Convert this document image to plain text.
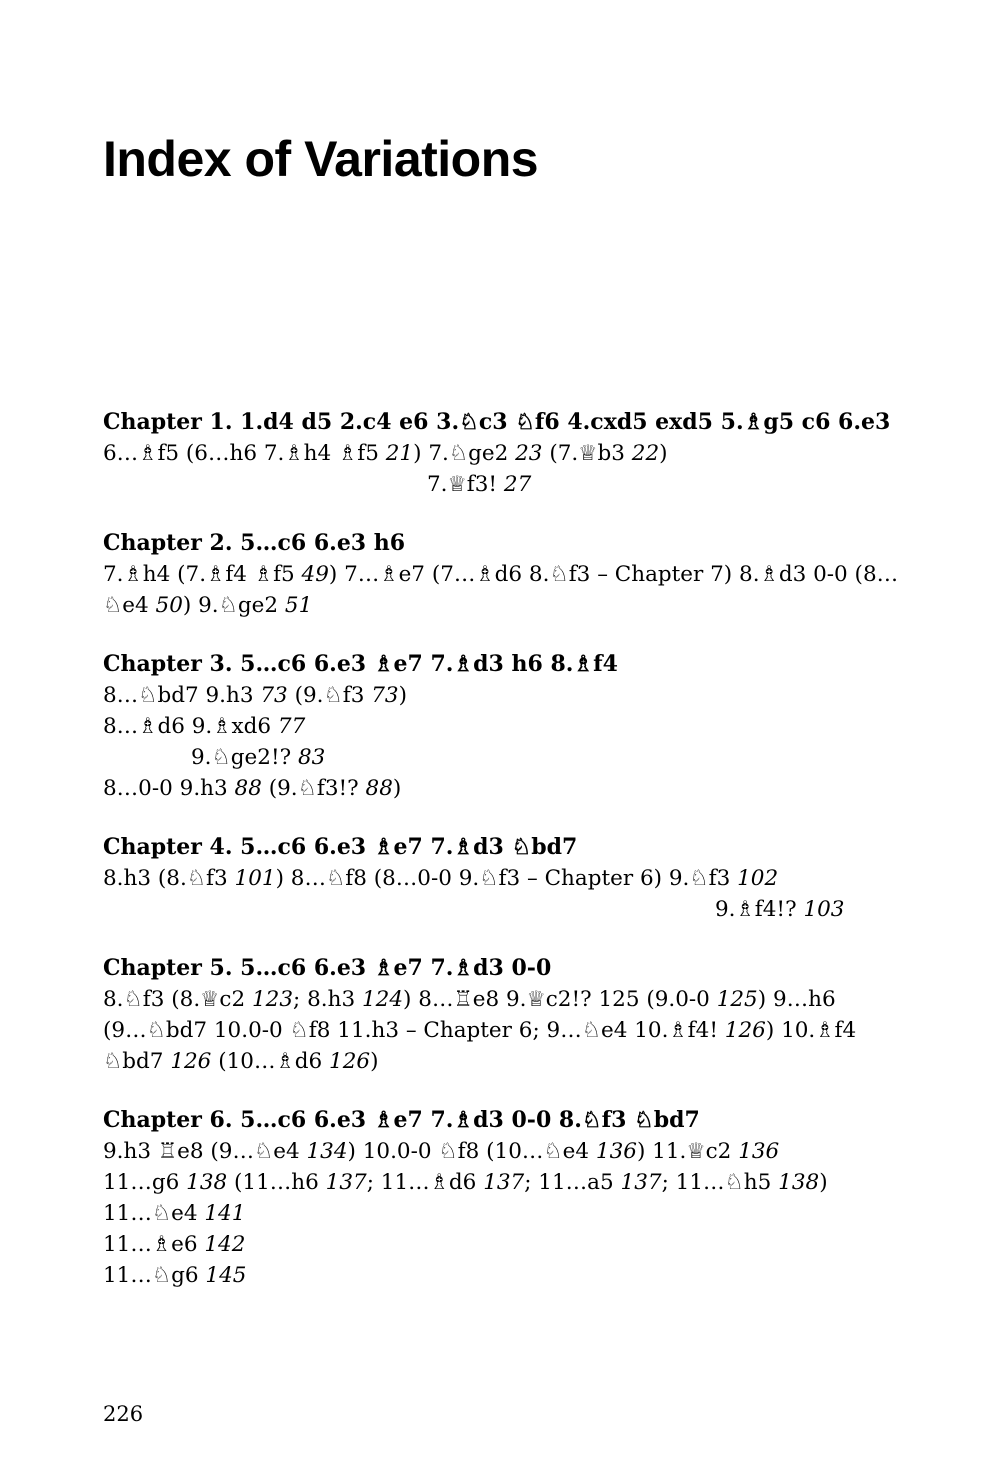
Index of Variations

Chapter 1. 1.d4 d5 2.c4 e6 3.♘c3 ♘f6 4.cxd5 exd5 5.♗g5 c6 6.e3

6…♗f5 (6…h6 7.♗h4 ♗f5 21) 7.♘ge2 23 (7.♕b3 22)

7.♕f3! 27

Chapter 2. 5…c6 6.e3 h6

7.♗h4 (7.♗f4 ♗f5 49) 7…♗e7 (7…♗d6 8.♘f3 – Chapter 7) 8.♗d3 0-0 (8…

♘e4 50) 9.♘ge2 51

Chapter 3. 5…c6 6.e3 ♗e7 7.♗d3 h6 8.♗f4

8…♘bd7 9.h3 73 (9.♘f3 73)

8…♗d6 9.♗xd6 77

9.♘ge2!? 83

8…0-0 9.h3 88 (9.♘f3!? 88)

Chapter 4. 5…c6 6.e3 ♗e7 7.♗d3 ♘bd7

8.h3 (8.♘f3 101) 8…♘f8 (8…0-0 9.♘f3 – Chapter 6) 9.♘f3 102

9.♗f4!? 103

Chapter 5. 5…c6 6.e3 ♗e7 7.♗d3 0-0

8.♘f3 (8.♕c2 123; 8.h3 124) 8…♖e8 9.♕c2!? 125 (9.0-0 125) 9…h6

(9…♘bd7 10.0-0 ♘f8 11.h3 – Chapter 6; 9…♘e4 10.♗f4! 126) 10.♗f4

♘bd7 126 (10…♗d6 126)

Chapter 6. 5…c6 6.e3 ♗e7 7.♗d3 0-0 8.♘f3 ♘bd7

9.h3 ♖e8 (9…♘e4 134) 10.0-0 ♘f8 (10…♘e4 136) 11.♕c2 136

11…g6 138 (11…h6 137; 11…♗d6 137; 11…a5 137; 11…♘h5 138)

11…♘e4 141

11…♗e6 142

11…♘g6 145

226
